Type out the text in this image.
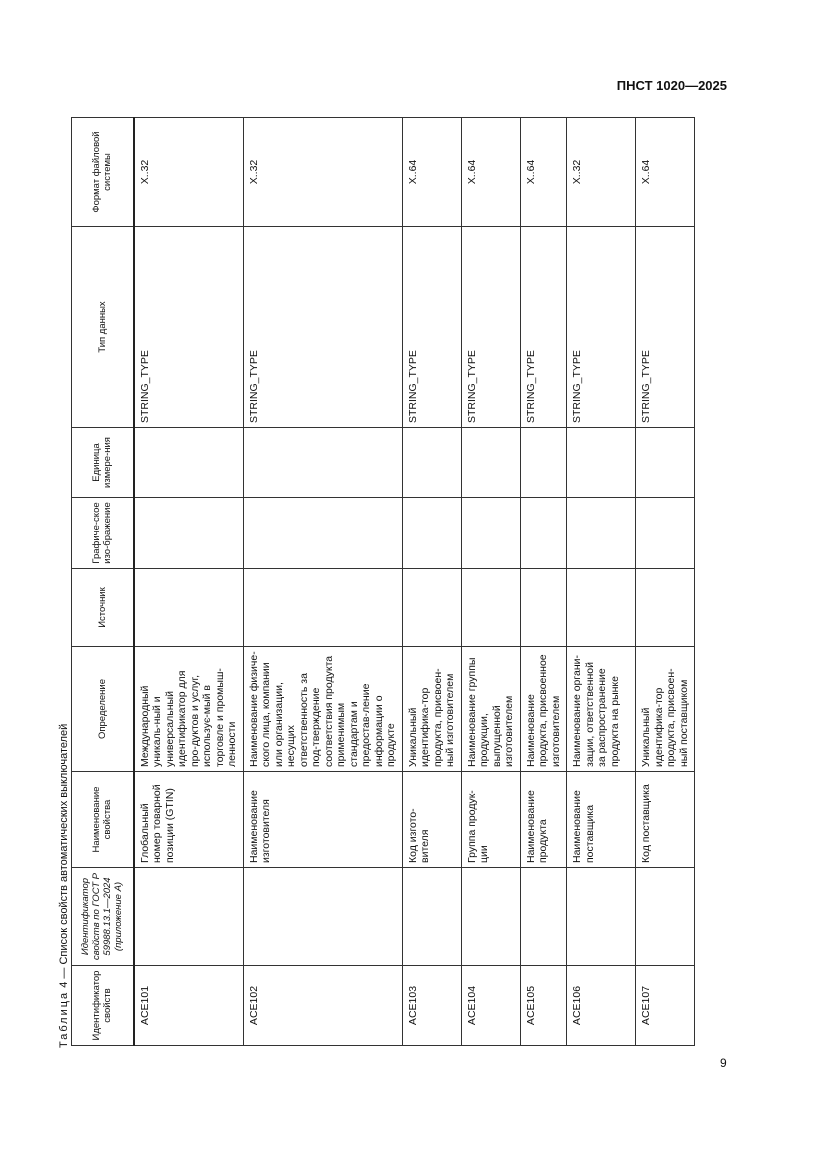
ПНСТ 1020—2025
Таблица 4 — Список свойств автоматических выключателей
Идентификатор свойств	Идентификатор свойств по ГОСТ Р 59988.13.1—2024 (приложение А)	Наименование свойства	Определение	Источник	Графиче-ское изо-бражение	Единица измере-ния	Тип данных	Формат файловой системы
ACE101		Глобальный номер товарной позиции (GTIN)	Международный уникаль-ный и универсальный идентификатор для про-дуктов и услуг, использує-мый в торговле и промыш-ленности				STRING_TYPE	X..32
ACE102		Наименование изготовителя	Наименование физиче-ского лица, компании или организации, несущих ответственность за под-тверждение соответствия продукта применимым стандартам и предостав-ление информации о продукте				STRING_TYPE	X..32
ACE103		Код изгото-вителя	Уникальный идентифика-тор продукта, присвоен-ный изготовителем				STRING_TYPE	X..64
ACE104		Группа продук-ции	Наименование группы продукции, выпущенной изготовителем				STRING_TYPE	X..64
ACE105		Наименование продукта	Наименование продукта, присвоенное изготовителем				STRING_TYPE	X..64
ACE106		Наименование поставщика	Наименование органи-зации, ответственной за распространение продукта на рынке				STRING_TYPE	X..32
ACE107		Код поставщика	Уникальный идентифика-тор продукта, присвоен-ный поставщиком				STRING_TYPE	X..64
9
